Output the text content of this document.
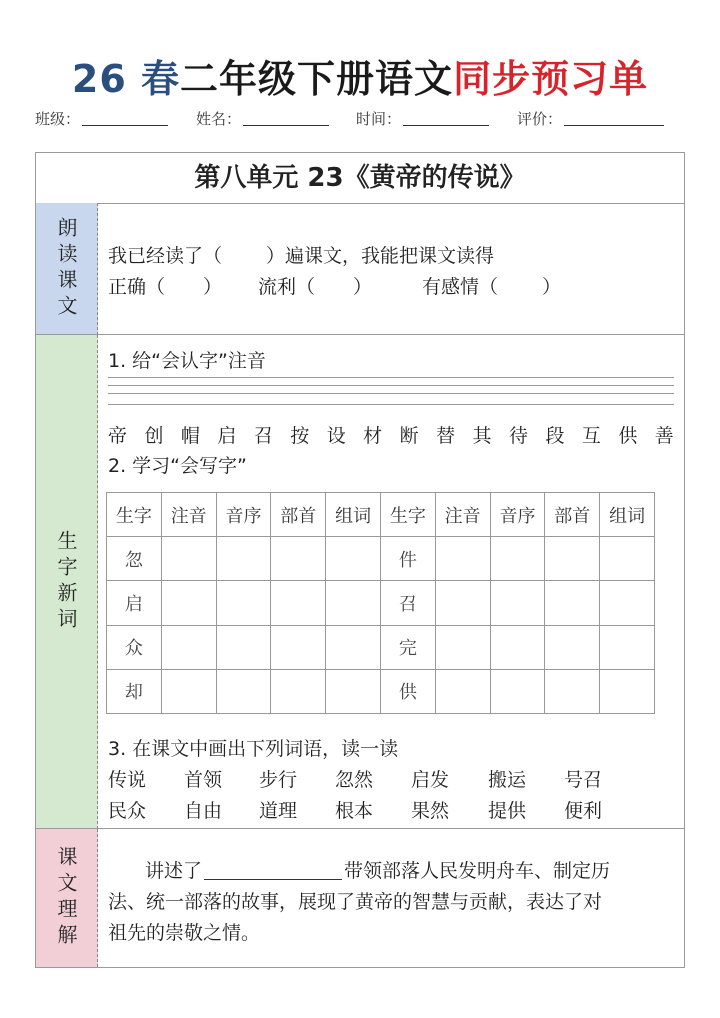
26 春二年级下册语文同步预习单
班级：	姓名：	时间：	评价：
第八单元 23《黄帝的传说》
朗读课文
生字新词
课文理解
我已经读了（ ）遍课文，我能把课文读得
正确（ ） 流利（ ）	有感情（ ）
1. 给“会认字”注音
帝 创 帽 启 召 按 设 材 断 替 其 待 段 互 供 善
2. 学习“会写字”
生字	注音	音序	部首	组词	生字	注音	音序	部首	组词
忽					件				
启					召				
众					完				
却					供				
3. 在课文中画出下列词语，读一读
传说 首领 步行 忽然 启发 搬运 号召
民众 自由 道理 根本 果然 提供 便利
讲述了	带领部落人民发明舟车、制定历
法、统一部落的故事，展现了黄帝的智慧与贡献，表达了对
祖先的崇敬之情。
